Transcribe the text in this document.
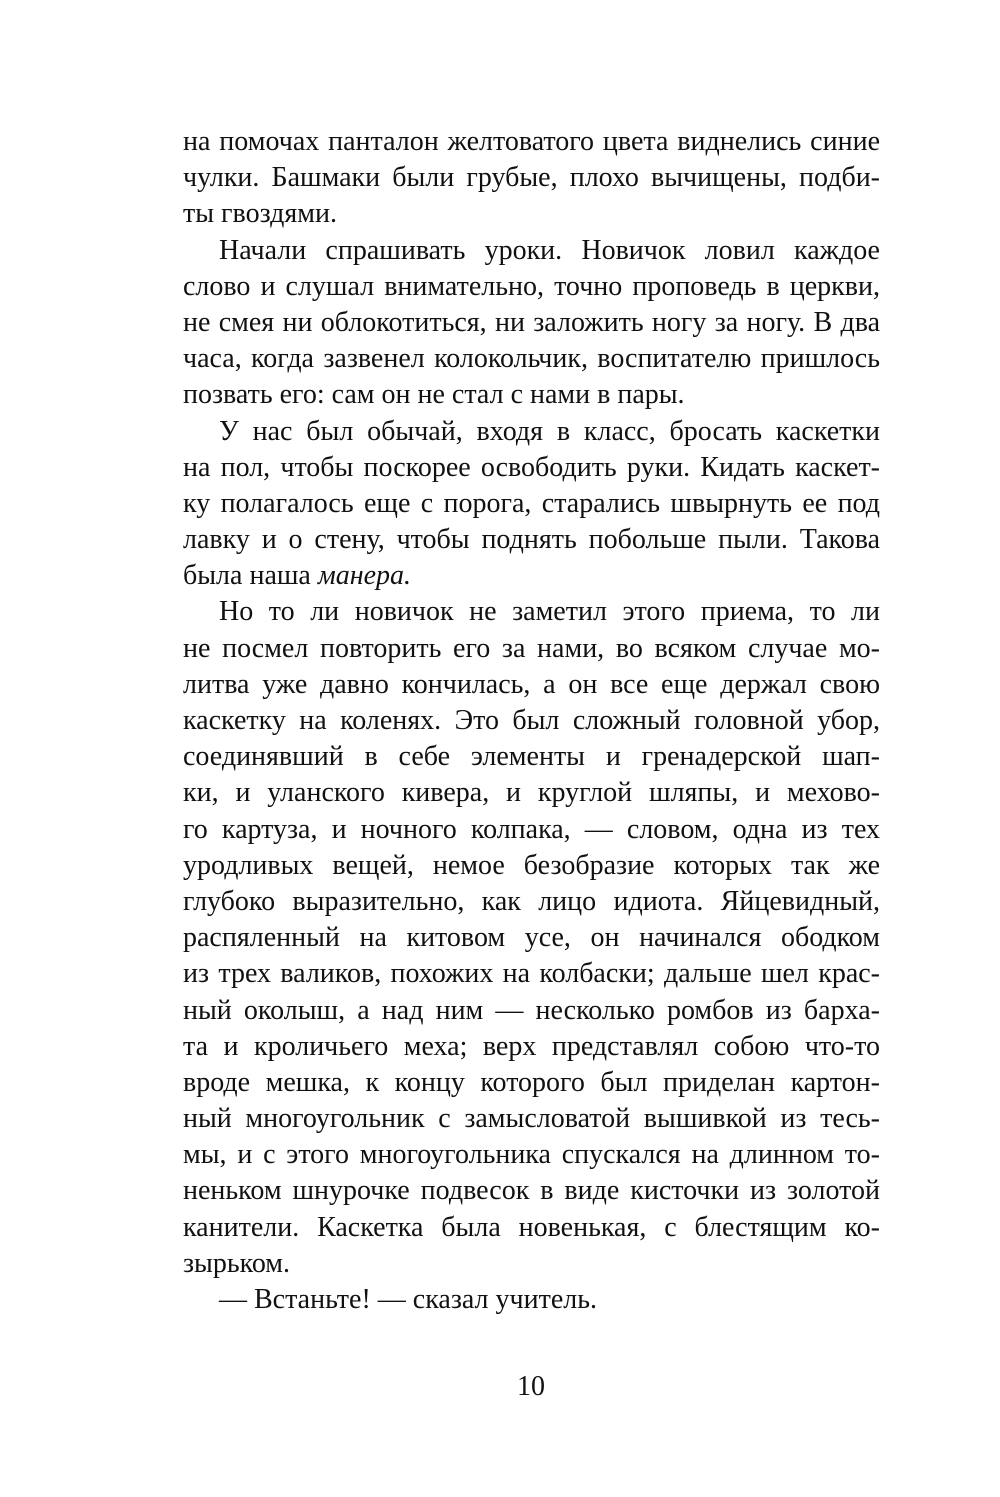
на помочах панталон желтоватого цвета виднелись синие
чулки. Башмаки были грубые, плохо вычищены, подби-
ты гвоздями.
Начали спрашивать уроки. Новичок ловил каждое
слово и слушал внимательно, точно проповедь в церкви,
не смея ни облокотиться, ни заложить ногу за ногу. В два
часа, когда зазвенел колокольчик, воспитателю пришлось
позвать его: сам он не стал с нами в пары.
У нас был обычай, входя в класс, бросать каскетки
на пол, чтобы поскорее освободить руки. Кидать каскет-
ку полагалось еще с порога, старались швырнуть ее под
лавку и о стену, чтобы поднять побольше пыли. Такова
была наша манера.
Но то ли новичок не заметил этого приема, то ли
не посмел повторить его за нами, во всяком случае мо-
литва уже давно кончилась, а он все еще держал свою
каскетку на коленях. Это был сложный головной убор,
соединявший в себе элементы и гренадерской шап-
ки, и уланского кивера, и круглой шляпы, и мехово-
го картуза, и ночного колпака, — словом, одна из тех
уродливых вещей, немое безобразие которых так же
глубоко выразительно, как лицо идиота. Яйцевидный,
распяленный на китовом усе, он начинался ободком
из трех валиков, похожих на колбаски; дальше шел крас-
ный околыш, а над ним — несколько ромбов из барха-
та и кроличьего меха; верх представлял собою что-то
вроде мешка, к концу которого был приделан картон-
ный многоугольник с замысловатой вышивкой из тесь-
мы, и с этого многоугольника спускался на длинном то-
неньком шнурочке подвесок в виде кисточки из золотой
канители. Каскетка была новенькая, с блестящим ко-
зырьком.
— Встаньте! — сказал учитель.
10
